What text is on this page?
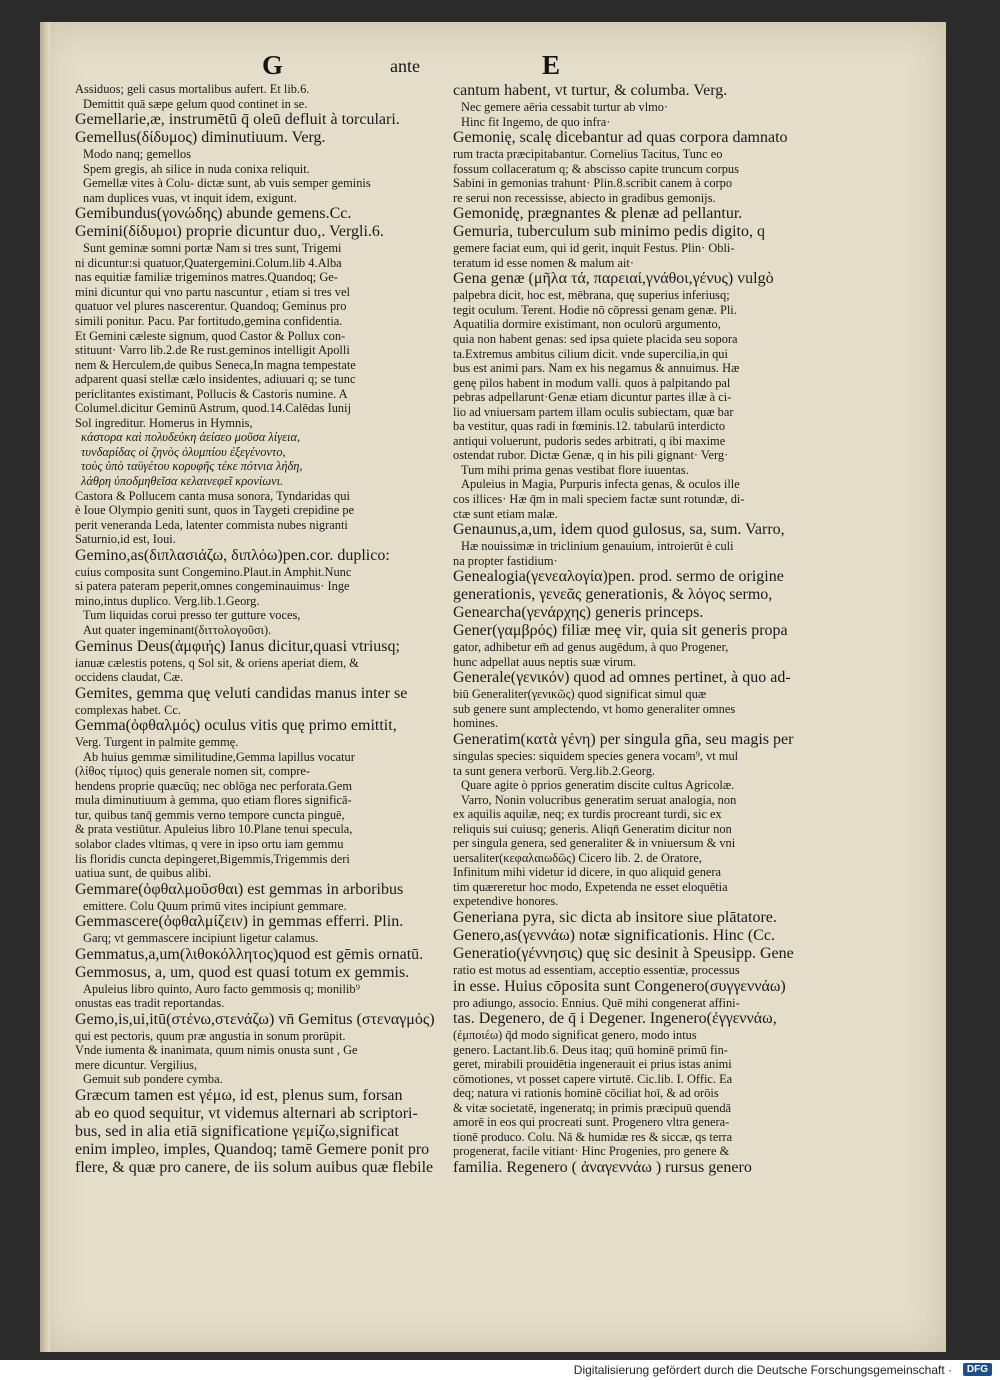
G	ante	E
Assiduos; geli casus mortalibus aufert. Et lib.6.
Demittit quā sæpe gelum quod continet in se.
Gemellarie,æ, instrumētū q̄ oleū defluit à torculari.
Gemellus(δίδυμος) diminutiuum. Verg.
Modo nanq; gemellos
Spem gregis, ah silice in nuda conixa reliquit.
Gemellæ vites à Colu- dictæ sunt, ab vuis semper geminis
nam duplices vuas, vt inquit idem, exigunt.
Gemibundus(γονώδης) abunde gemens.Cc.
Gemini(δίδυμοι) proprie dicuntur duo,. Vergli.6.
Sunt geminæ somni portæ Nam si tres sunt, Trigemi
ni dicuntur:si quatuor,Quatergemini.Colum.lib 4.Alba
nas equitiæ familiæ trigeminos matres.Quandoq; Ge-
mini dicuntur qui vno partu nascuntur , etiam si tres vel
quatuor vel plures nascerentur. Quandoq; Geminus pro
simili ponitur. Pacu. Par fortitudo,gemina confidentia.
Et Gemini cæleste signum, quod Castor & Pollux con-
stituunt· Varro lib.2.de Re rust.geminos intelligit Apolli
nem & Herculem,de quibus Seneca,In magna tempestate
adparent quasi stellæ cælo insidentes, adiuuari q; se tunc
periclitantes existimant, Pollucis & Castoris numine. A
Columel.dicitur Geminū Astrum, quod.14.Calēdas Iunij
Sol ingreditur. Homerus in Hymnis,
κάστορα καὶ πολυδεύκη ἀείσεο μοῦσα λίγεια,
τυνδαρίδας οἱ ζηνὸς ὀλυμπίου ἐξεγένοντο,
τοὺς ὑπὸ ταϋγέτου κορυφῆς τέκε πότνια λήδη,
λάθρη ὑποδμηθεῖσα κελαινεφεῖ κρονίωνι.
Castora & Pollucem canta musa sonora, Tyndaridas qui
è Ioue Olympio geniti sunt, quos in Taygeti crepidine pe
perit veneranda Leda, latenter commista nubes nigranti
Saturnio,id est, Ioui.
Gemino,as(διπλασιάζω, διπλόω)pen.cor. duplico:
cuius composita sunt Congemino.Plaut.in Amphit.Nunc
si patera pateram peperit,omnes congeminauimus· Inge
mino,intus duplico. Verg.lib.1.Georg.
Tum liquidas corui presso ter gutture voces,
Aut quater ingeminant(διττολογοῦσι).
Geminus Deus(ἀμφιής) Ianus dicitur,quasi vtriusq;
ianuæ cælestis potens, q Sol sit, & oriens aperiat diem, &
occidens claudat, Cæ.
Gemites, gemma quę veluti candidas manus inter se
complexas habet. Cc.
Gemma(ὀφθαλμός) oculus vitis quę primo emittit,
Verg. Turgent in palmite gemmę.
Ab huius gemmæ similitudine,Gemma lapillus vocatur
(λίθος τίμιος) quis generale nomen sit, compre-
hendens proprie quæcūq; nec oblōga nec perforata.Gem
mula diminutiuum à gemma, quo etiam flores significā-
tur, quibus tanq̄ gemmis verno tempore cuncta pinguē,
& prata vestiūtur. Apuleius libro 10.Plane tenui specula,
solabor clades vltimas, q vere in ipso ortu iam gemmu
lis floridis cuncta depingeret,Bigemmis,Trigemmis deri
uatiua sunt, de quibus alibi.
Gemmare(ὀφθαλμοῦσθαι) est gemmas in arboribus
emittere. Colu Quum primū vites incipiunt gemmare.
Gemmascere(ὀφθαλμίζειν) in gemmas efferri. Plin.
Garq; vt gemmascere incipiunt ligetur calamus.
Gemmatus,a,um(λιθοκόλλητος)quod est gēmis ornatū.
Gemmosus, a, um, quod est quasi totum ex gemmis.
Apuleius libro quinto, Auro facto gemmosis q; monilib⁹
onustas eas tradit reportandas.
Gemo,is,ui,itū(στένω,στενάζω) vn̄ Gemitus (στεναγμός)
qui est pectoris, quum præ angustia in sonum prorūpit.
Vnde iumenta & inanimata, quum nimis onusta sunt , Ge
mere dicuntur. Vergilius,
Gemuit sub pondere cymba.
Græcum tamen est γέμω, id est, plenus sum, forsan
ab eo quod sequitur, vt videmus alternari ab scriptori-
bus, sed in alia etiā significatione γεμίζω,significat
enim impleo, imples, Quandoq; tamē Gemere ponit pro
flere, & quæ pro canere, de iis solum auibus quæ flebile
cantum habent, vt turtur, & columba. Verg.
Nec gemere aëria cessabit turtur ab vlmo·
Hinc fit Ingemo, de quo infra·
Gemonię, scalę dicebantur ad quas corpora damnato
rum tracta præcipitabantur. Cornelius Tacitus, Tunc eo
fossum collaceratum q; & abscisso capite truncum corpus
Sabini in gemonias trahunt· Plin.8.scribit canem à corpo
re serui non recessisse, abiecto in gradibus gemonijs.
Gemonidę, prægnantes & plenæ ad pellantur.
Gemuria, tuberculum sub minimo pedis digito, q
gemere faciat eum, qui id gerit, inquit Festus. Plin· Obli-
teratum id esse nomen & malum ait·
Gena genæ (μῆλα τά, παρειαί,γνάθοι,γένυς) vulgò
palpebra dicit, hoc est, mēbrana, quę superius inferiusq;
tegit oculum. Terent. Hodie nō cōpressi genam genæ. Pli.
Aquatilia dormire existimant, non oculorū argumento,
quia non habent genas: sed ipsa quiete placida seu sopora
ta.Extremus ambitus cilium dicit. vnde supercilia,in qui
bus est animi pars. Nam ex his negamus & annuimus. Hæ
genę pilos habent in modum valli. quos à palpitando pal
pebras adpellarunt·Genæ etiam dicuntur partes illæ à ci-
lio ad vniuersam partem illam oculis subiectam, quæ bar
ba vestitur, quas radi in fœminis.12. tabularū interdicto
antiqui voluerunt, pudoris sedes arbitrati, q ibi maxime
ostendat rubor. Dictæ Genæ, q in his pili gignant· Verg·
Tum mihi prima genas vestibat flore iuuentas.
Apuleius in Magia, Purpuris infecta genas, & oculos ille
cos illices· Hæ q̄m in mali speciem factæ sunt rotundæ, di-
ctæ sunt etiam malæ.
Genaunus,a,um, idem quod gulosus, sa, sum. Varro,
Hæ nouissimæ in triclinium genauium, introierūt è culi
na propter fastidium·
Genealogia(γενεαλογία)pen. prod. sermo de origine
generationis, γενεᾶς generationis, & λόγος sermo,
Genearcha(γενάρχης) generis princeps.
Gener(γαμβρός) filiæ meę vir, quia sit generis propa
gator, adhibetur em̄ ad genus augēdum, à quo Progener,
hunc adpellat auus neptis suæ virum.
Generale(γενικόν) quod ad omnes pertinet, à quo ad-
biū Generaliter(γενικῶς) quod significat simul quæ
sub genere sunt amplectendo, vt homo generaliter omnes
homines.
Generatim(κατὰ γένη) per singula gn̄a, seu magis per
singulas species: siquidem species genera vocam⁹, vt mul
ta sunt genera verborū. Verg.lib.2.Georg.
Quare agite ò pprios generatim discite cultus Agricolæ.
Varro, Nonin volucribus generatim seruat analogia, non
ex aquilis aquilæ, neq; ex turdis procreant turdi, sic ex
reliquis sui cuiusq; generis. Aliqn̄ Generatim dicitur non
per singula genera, sed generaliter & in vniuersum & vni
uersaliter(κεφαλαιωδῶς) Cicero lib. 2. de Oratore,
Infinitum mihi videtur id dicere, in quo aliquid genera
tim quæreretur hoc modo, Expetenda ne esset eloquētia
expetendive honores.
Generiana pyra, sic dicta ab insitore siue plātatore.
Genero,as(γεννάω) notæ significationis. Hinc (Cc.
Generatio(γέννησις) quę sic desinit à Speusipp. Gene
ratio est motus ad essentiam, acceptio essentiæ, processus
in esse. Huius cōposita sunt Congenero(συγγεννάω)
pro adiungo, associo. Ennius. Quē mihi congenerat affini-
tas. Degenero, de q̄ i Degener. Ingenero(ἐγγεννάω,
(ἐμποιέω) q̄d modo significat genero, modo intus
genero. Lactant.lib.6. Deus itaq; quū hominē primū fin-
geret, mirabili prouidētia ingenerauit ei prius istas animi
cōmotiones, vt posset capere virtutē. Cic.lib. I. Offic. Ea
deq; natura vi rationis hominē cōciliat hoī, & ad orōis
& vitæ societatē, ingeneratq; in primis præcipuū quendā
amorē in eos qui procreati sunt. Progenero vltra genera-
tionē produco. Colu. Nā & humidæ res & siccæ, qs terra
progenerat, facile vitiant· Hinc Progenies, pro genere &
familia. Regenero ( ἀναγεννάω ) rursus genero
Digitalisierung gefördert durch die Deutsche Forschungsgemeinschaft ·	DFG
